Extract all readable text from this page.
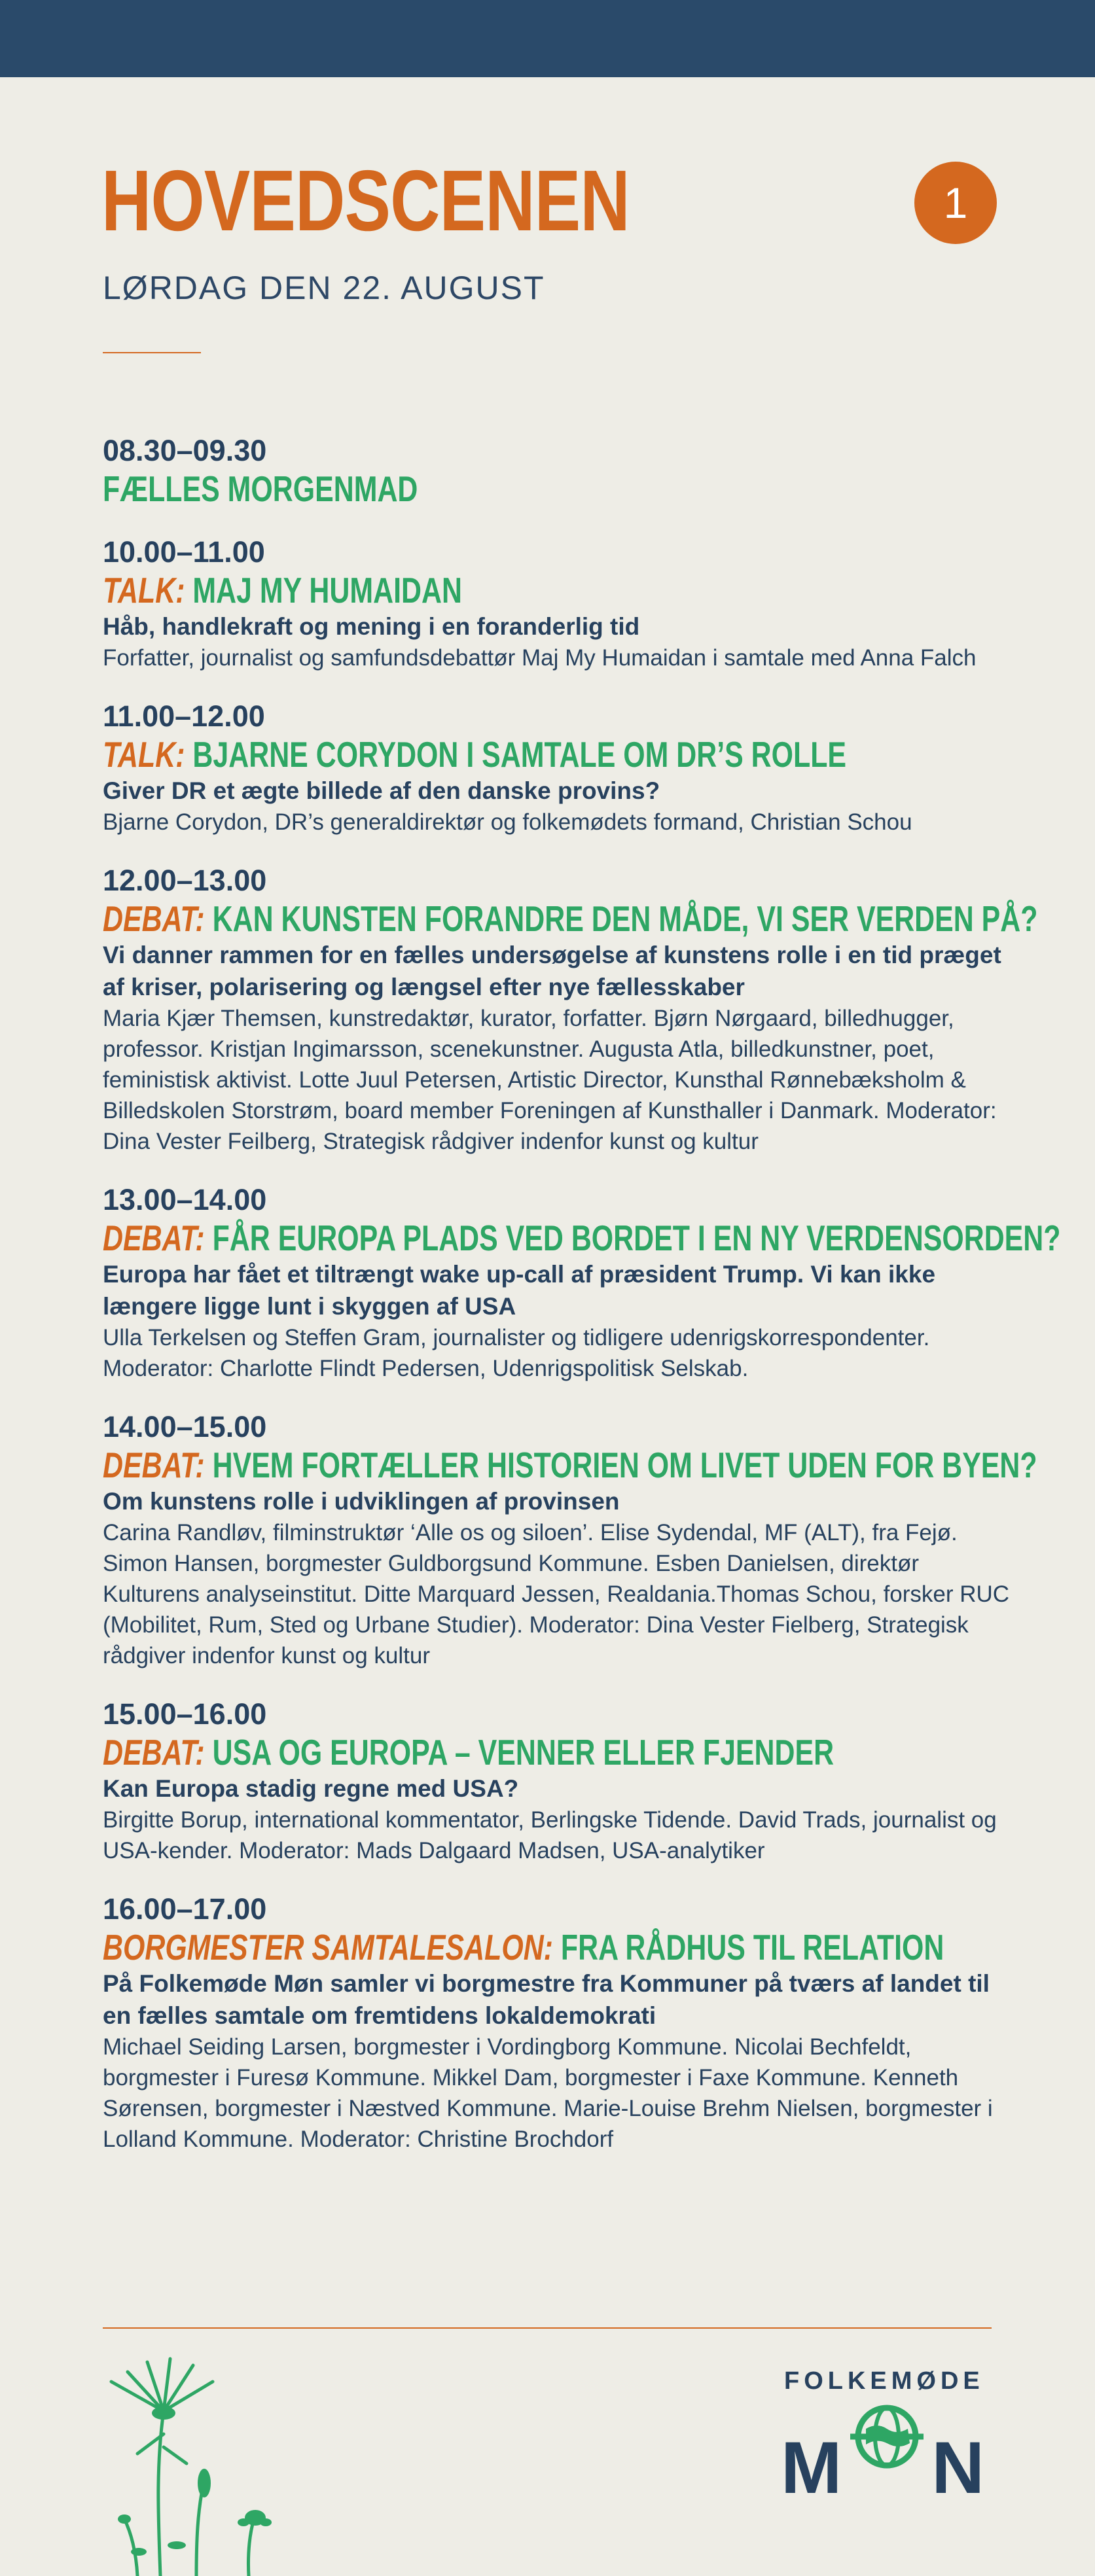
HOVEDSCENEN	1
LØRDAG DEN 22. AUGUST
08.30–09.30
FÆLLES MORGENMAD
10.00–11.00
TALK: MAJ MY HUMAIDAN
Håb, handlekraft og mening i en foranderlig tid
Forfatter, journalist og samfundsdebattør Maj My Humaidan i samtale med Anna Falch
11.00–12.00
TALK: BJARNE CORYDON I SAMTALE OM DR’S ROLLE
Giver DR et ægte billede af den danske provins?
Bjarne Corydon, DR’s generaldirektør og folkemødets formand, Christian Schou
12.00–13.00
DEBAT: KAN KUNSTEN FORANDRE DEN MÅDE, VI SER VERDEN PÅ?
Vi danner rammen for en fælles undersøgelse af kunstens rolle i en tid præget af kriser, polarisering og længsel efter nye fællesskaber
Maria Kjær Themsen, kunstredaktør, kurator, forfatter. Bjørn Nørgaard, billedhugger, professor. Kristjan Ingimarsson, scenekunstner. Augusta Atla, billedkunstner, poet, feministisk aktivist. Lotte Juul Petersen, Artistic Director, Kunsthal Rønnebæksholm & Billedskolen Storstrøm, board member Foreningen af Kunsthaller i Danmark. Moderator: Dina Vester Feilberg, Strategisk rådgiver indenfor kunst og kultur
13.00–14.00
DEBAT: FÅR EUROPA PLADS VED BORDET I EN NY VERDENSORDEN?
Europa har fået et tiltrængt wake up-call af præsident Trump. Vi kan ikke længere ligge lunt i skyggen af USA
Ulla Terkelsen og Steffen Gram, journalister og tidligere udenrigskorrespondenter. Moderator: Charlotte Flindt Pedersen, Udenrigspolitisk Selskab.
14.00–15.00
DEBAT: HVEM FORTÆLLER HISTORIEN OM LIVET UDEN FOR BYEN?
Om kunstens rolle i udviklingen af provinsen
Carina Randløv, filminstruktør ‘Alle os og siloen’. Elise Sydendal, MF (ALT), fra Fejø. Simon Hansen, borgmester Guldborgsund Kommune. Esben Danielsen, direktør Kulturens analyseinstitut. Ditte Marquard Jessen, Realdania.Thomas Schou, forsker RUC (Mobilitet, Rum, Sted og Urbane Studier). Moderator: Dina Vester Fielberg, Strategisk rådgiver indenfor kunst og kultur
15.00–16.00
DEBAT: USA OG EUROPA – VENNER ELLER FJENDER
Kan Europa stadig regne med USA?
Birgitte Borup, international kommentator, Berlingske Tidende. David Trads, journalist og USA-kender. Moderator: Mads Dalgaard Madsen, USA-analytiker
16.00–17.00
BORGMESTER SAMTALESALON: FRA RÅDHUS TIL RELATION
På Folkemøde Møn samler vi borgmestre fra Kommuner på tværs af landet til en fælles samtale om fremtidens lokaldemokrati
Michael Seiding Larsen, borgmester i Vordingborg Kommune. Nicolai Bechfeldt, borgmester i Furesø Kommune. Mikkel Dam, borgmester i Faxe Kommune. Kenneth Sørensen, borgmester i Næstved Kommune. Marie-Louise Brehm Nielsen, borgmester i Lolland Kommune. Moderator: Christine Brochdorf
FOLKEMØDE
M N
